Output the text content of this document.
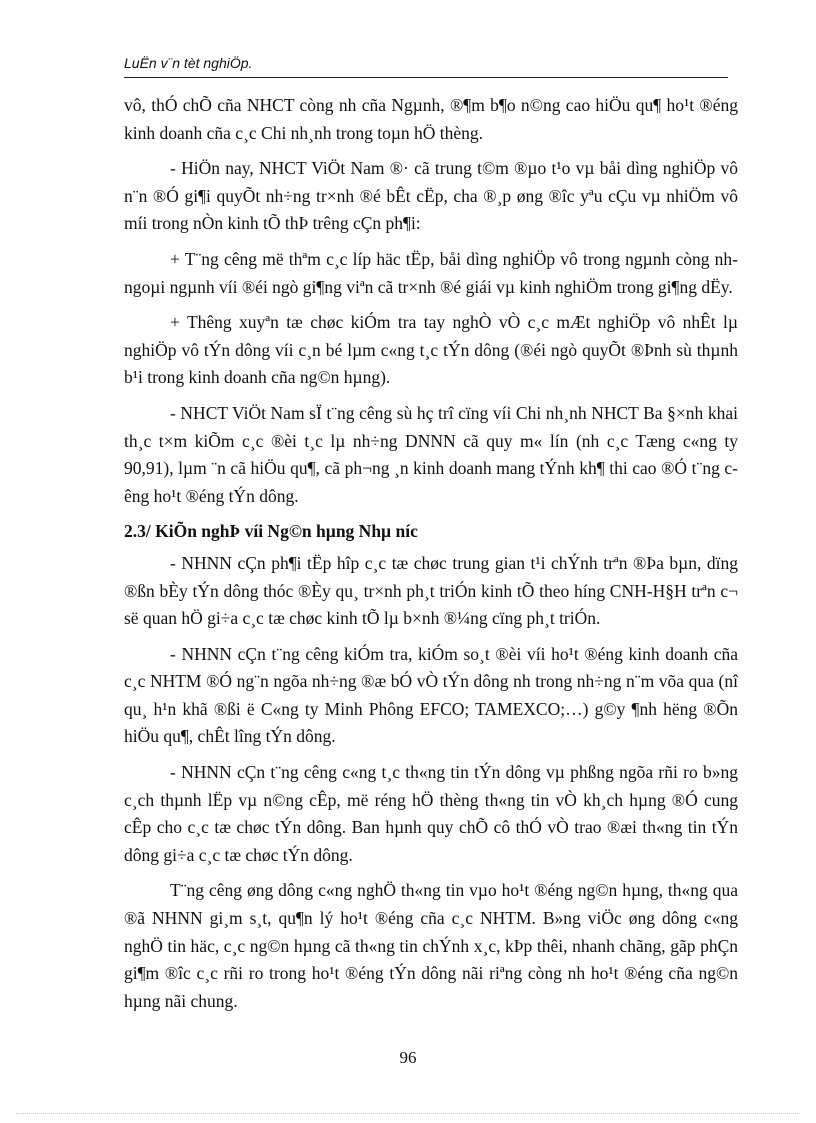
LuËn v¨n tèt nghiÖp.

vô, thÓ chÕ cña NHCT còng nh cña Ngµnh, ®¶m b¶o n©ng cao hiÖu qu¶ ho¹t ®éng kinh doanh cña c¸c Chi nh¸nh trong toµn hÖ thèng.

- HiÖn nay, NHCT ViÖt Nam ®· cã trung t©m ®µo t¹o vµ båi dìng nghiÖp vô n¨n ®Ó gi¶i quyÕt nh÷ng tr×nh ®é bÊt cËp, cha ®¸p øng ®îc yªu cÇu vµ nhiÖm vô míi trong nÒn kinh tÕ thÞ trêng cÇn ph¶i:

+ T¨ng cêng më thªm c¸c líp häc tËp, båi dìng nghiÖp vô trong ngµnh còng nh ngoµi ngµnh víi ®éi ngò gi¶ng viªn cã tr×nh ®é giái vµ kinh nghiÖm trong gi¶ng dËy.

+ Thêng xuyªn tæ chøc kiÓm tra tay nghÒ vÒ c¸c mÆt nghiÖp vô nhÊt lµ nghiÖp vô tÝn dông víi c¸n bé lµm c«ng t¸c tÝn dông (®éi ngò quyÕt ®Þnh sù thµnh b¹i trong kinh doanh cña ng©n hµng).

- NHCT ViÖt Nam sÏ t¨ng cêng sù hç trî cïng víi Chi nh¸nh NHCT Ba §×nh khai th¸c t×m kiÕm c¸c ®èi t¸c lµ nh÷ng DNNN cã quy m« lín (nh c¸c Tæng c«ng ty 90,91), lµm ¨n cã hiÖu qu¶, cã ph¬ng ¸n kinh doanh mang tÝnh kh¶ thi cao ®Ó t¨ng cêng ho¹t ®éng tÝn dông.

2.3/ KiÕn nghÞ víi Ng©n hµng Nhµ níc

- NHNN cÇn ph¶i tËp hîp c¸c tæ chøc trung gian t¹i chÝnh trªn ®Þa bµn, dïng ®ßn bÈy tÝn dông thóc ®Èy qu¸ tr×nh ph¸t triÓn kinh tÕ theo híng CNH-H§H trªn c¬ së quan hÖ gi÷a c¸c tæ chøc kinh tÕ lµ b×nh ®¼ng cïng ph¸t triÓn.

- NHNN cÇn t¨ng cêng kiÓm tra, kiÓm so¸t ®èi víi ho¹t ®éng kinh doanh cña c¸c NHTM ®Ó ng¨n ngõa nh÷ng ®æ bÓ vÒ tÝn dông nh trong nh÷ng n¨m võa qua (nî qu¸ h¹n khã ®ßi ë C«ng ty Minh Phông EFCO; TAMEXCO;…) g©y ¶nh hëng ®Õn hiÖu qu¶, chÊt lîng tÝn dông.

- NHNN cÇn t¨ng cêng c«ng t¸c th«ng tin tÝn dông vµ phßng ngõa rñi ro b»ng c¸ch thµnh lËp vµ n©ng cÊp, më réng hÖ thèng th«ng tin vÒ kh¸ch hµng ®Ó cung cÊp cho c¸c tæ chøc tÝn dông. Ban hµnh quy chÕ cô thÓ vÒ trao ®æi th«ng tin tÝn dông gi÷a c¸c tæ chøc tÝn dông.

T¨ng cêng øng dông c«ng nghÖ th«ng tin vµo ho¹t ®éng ng©n hµng, th«ng qua ®ã NHNN gi¸m s¸t, qu¶n lý ho¹t ®éng cña c¸c NHTM. B»ng viÖc øng dông c«ng nghÖ tin häc, c¸c ng©n hµng cã th«ng tin chÝnh x¸c, kÞp thêi, nhanh chãng, gãp phÇn gi¶m ®îc c¸c rñi ro trong ho¹t ®éng tÝn dông nãi riªng còng nh ho¹t ®éng cña ng©n hµng nãi chung.

96
